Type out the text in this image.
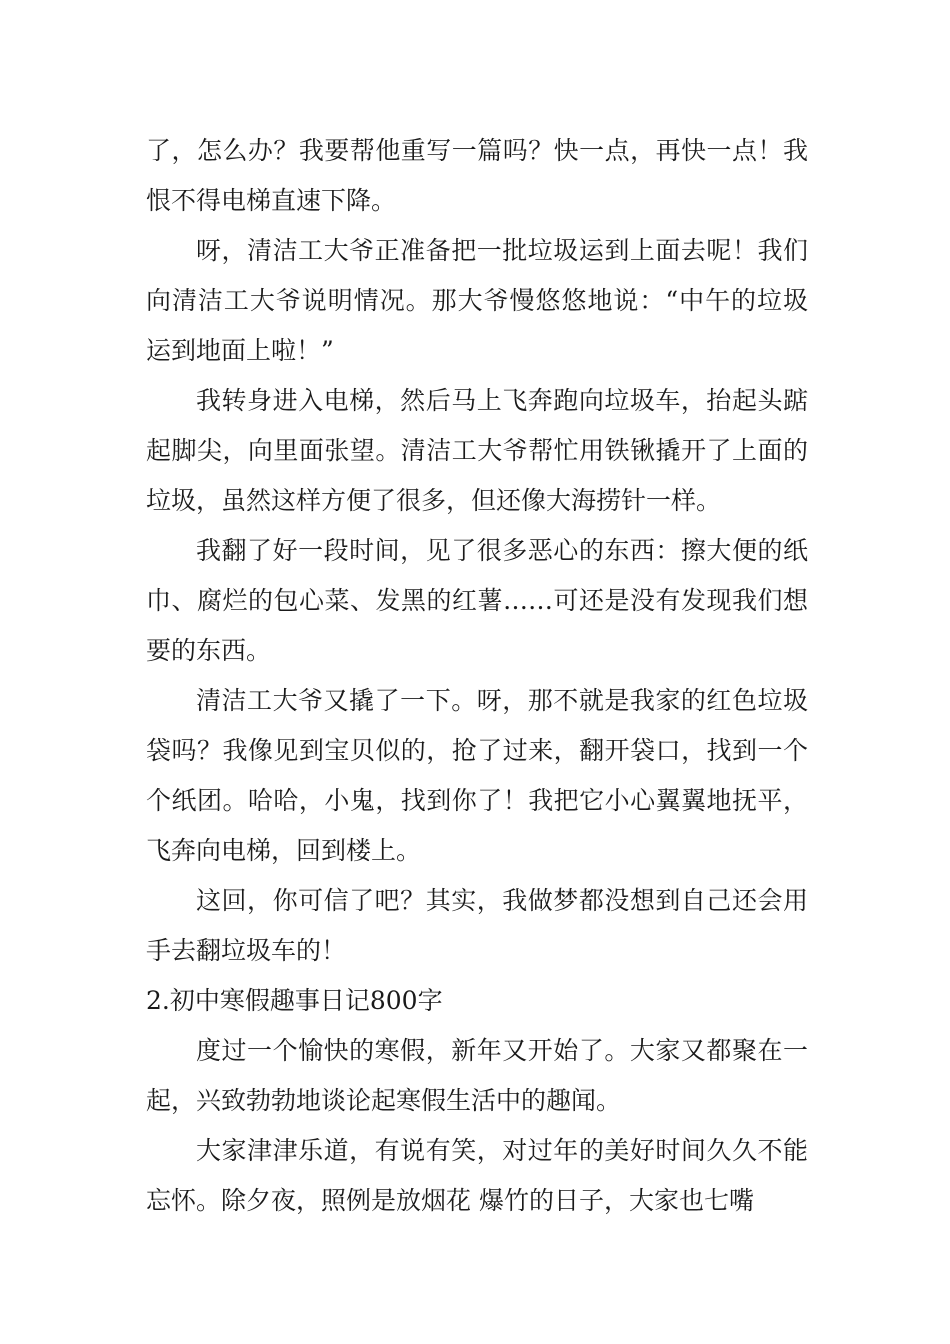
了，怎么办？我要帮他重写一篇吗？快一点，再快一点！我恨不得电梯直速下降。

呀，清洁工大爷正准备把一批垃圾运到上面去呢！我们向清洁工大爷说明情况。那大爷慢悠悠地说：“中午的垃圾运到地面上啦！”

我转身进入电梯，然后马上飞奔跑向垃圾车，抬起头踮起脚尖，向里面张望。清洁工大爷帮忙用铁锹撬开了上面的垃圾，虽然这样方便了很多，但还像大海捞针一样。

我翻了好一段时间，见了很多恶心的东西：擦大便的纸巾、腐烂的包心菜、发黑的红薯……可还是没有发现我们想要的东西。

清洁工大爷又撬了一下。呀，那不就是我家的红色垃圾袋吗？我像见到宝贝似的，抢了过来，翻开袋口，找到一个个纸团。哈哈，小鬼，找到你了！我把它小心翼翼地抚平，飞奔向电梯，回到楼上。

这回，你可信了吧？其实，我做梦都没想到自己还会用手去翻垃圾车的！

2.初中寒假趣事日记800字

度过一个愉快的寒假，新年又开始了。大家又都聚在一起，兴致勃勃地谈论起寒假生活中的趣闻。

大家津津乐道，有说有笑，对过年的美好时间久久不能忘怀。除夕夜，照例是放烟花 爆竹的日子，大家也七嘴
